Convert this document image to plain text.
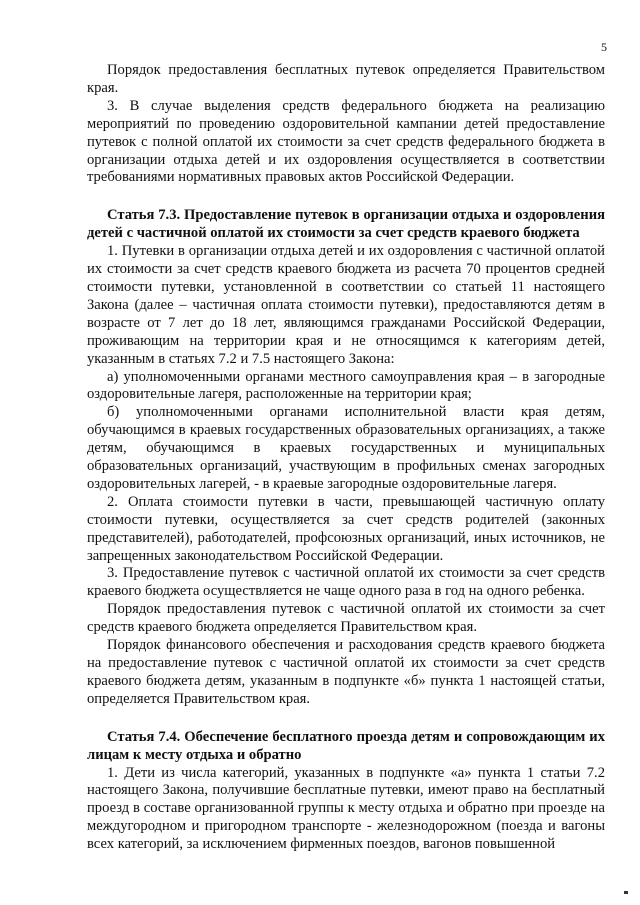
5

Порядок предоставления бесплатных путевок определяется Правительством края.

3. В случае выделения средств федерального бюджета на реализацию мероприятий по проведению оздоровительной кампании детей предоставление путевок с полной оплатой их стоимости за счет средств федерального бюджета в организации отдыха детей и их оздоровления осуществляется в соответствии требованиями нормативных правовых актов Российской Федерации.

Статья 7.3. Предоставление путевок в организации отдыха и оздоровления детей с частичной оплатой их стоимости за счет средств краевого бюджета

1. Путевки в организации отдыха детей и их оздоровления с частичной оплатой их стоимости за счет средств краевого бюджета из расчета 70 процентов средней стоимости путевки, установленной в соответствии со статьей 11 настоящего Закона (далее – частичная оплата стоимости путевки), предоставляются детям в возрасте от 7 лет до 18 лет, являющимся гражданами Российской Федерации, проживающим на территории края и не относящимся к категориям детей, указанным в статьях 7.2 и 7.5 настоящего Закона:

а) уполномоченными органами местного самоуправления края – в загородные оздоровительные лагеря, расположенные на территории края;

б) уполномоченными органами исполнительной власти края детям, обучающимся в краевых государственных образовательных организациях, а также детям, обучающимся в краевых государственных и муниципальных образовательных организаций, участвующим в профильных сменах загородных оздоровительных лагерей, - в краевые загородные оздоровительные лагеря.

2. Оплата стоимости путевки в части, превышающей частичную оплату стоимости путевки, осуществляется за счет средств родителей (законных представителей), работодателей, профсоюзных организаций, иных источников, не запрещенных законодательством Российской Федерации.

3. Предоставление путевок с частичной оплатой их стоимости за счет средств краевого бюджета осуществляется не чаще одного раза в год на одного ребенка.

Порядок предоставления путевок с частичной оплатой их стоимости за счет средств краевого бюджета определяется Правительством края.

Порядок финансового обеспечения и расходования средств краевого бюджета на предоставление путевок с частичной оплатой их стоимости за счет средств краевого бюджета детям, указанным в подпункте «б» пункта 1 настоящей статьи, определяется Правительством края.

Статья 7.4. Обеспечение бесплатного проезда детям и сопровождающим их лицам к месту отдыха и обратно

1. Дети из числа категорий, указанных в подпункте «а» пункта 1 статьи 7.2 настоящего Закона, получившие бесплатные путевки, имеют право на бесплатный проезд в составе организованной группы к месту отдыха и обратно при проезде на междугородном и пригородном транспорте - железнодорожном (поезда и вагоны всех категорий, за исключением фирменных поездов, вагонов повышенной
